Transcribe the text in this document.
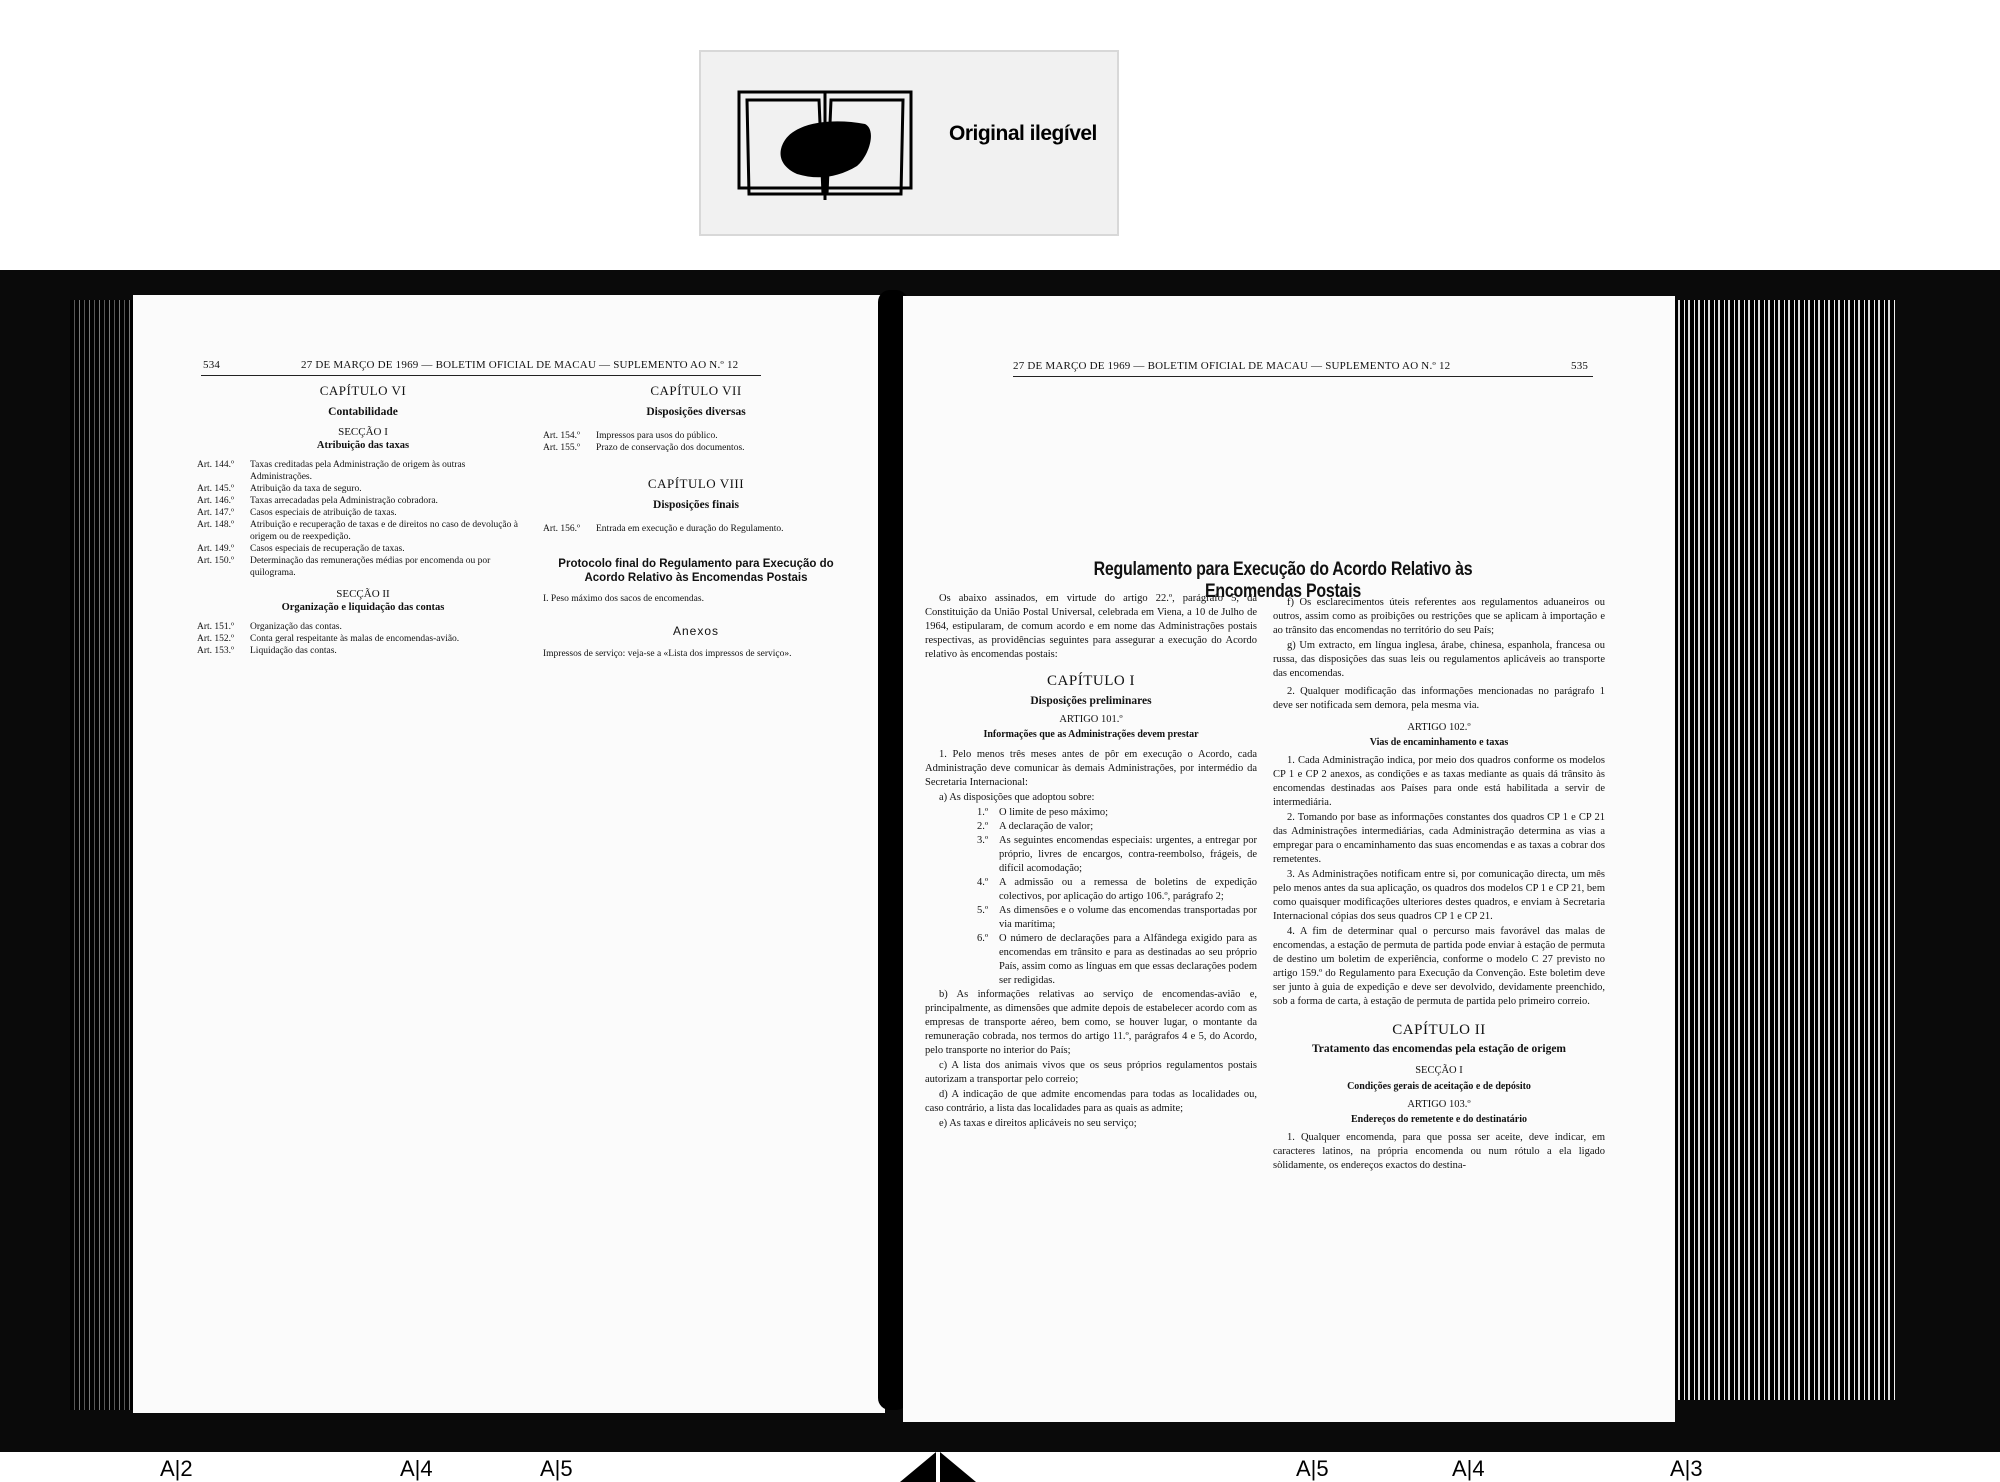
Original ilegível
534	27 DE MARÇO DE 1969 — BOLETIM OFICIAL DE MACAU — SUPLEMENTO AO N.º 12
CAPÍTULO VI
Contabilidade
SECÇÃO I
Atribuição das taxas
Art. 144.º	Taxas creditadas pela Administração de origem às outras Administrações.
Art. 145.º	Atribuição da taxa de seguro.
Art. 146.º	Taxas arrecadadas pela Administração cobradora.
Art. 147.º	Casos especiais de atribuição de taxas.
Art. 148.º	Atribuição e recuperação de taxas e de direitos no caso de devolução à origem ou de reexpedição.
Art. 149.º	Casos especiais de recuperação de taxas.
Art. 150.º	Determinação das remunerações médias por encomenda ou por quilograma.
SECÇÃO II
Organização e liquidação das contas
Art. 151.º	Organização das contas.
Art. 152.º	Conta geral respeitante às malas de encomendas-avião.
Art. 153.º	Liquidação das contas.
CAPÍTULO VII
Disposições diversas
Art. 154.º	Impressos para usos do público.
Art. 155.º	Prazo de conservação dos documentos.
CAPÍTULO VIII
Disposições finais
Art. 156.º	Entrada em execução e duração do Regulamento.
Protocolo final do Regulamento para Execução do Acordo Relativo às Encomendas Postais
I. Peso máximo dos sacos de encomendas.
Anexos
Impressos de serviço: veja-se a «Lista dos impressos de serviço».
27 DE MARÇO DE 1969 — BOLETIM OFICIAL DE MACAU — SUPLEMENTO AO N.º 12	535
Regulamento para Execução do Acordo Relativo às Encomendas Postais

Os abaixo assinados, em virtude do artigo 22.º, parágrafo 5, da Constituição da União Postal Universal, celebrada em Viena, a 10 de Julho de 1964, estipularam, de comum acordo e em nome das Administrações postais respectivas, as providências seguintes para assegurar a execução do Acordo relativo às encomendas postais:

CAPÍTULO I
Disposições preliminares
ARTIGO 101.º
Informações que as Administrações devem prestar

1. Pelo menos três meses antes de pôr em execução o Acordo, cada Administração deve comunicar às demais Administrações, por intermédio da Secretaria Internacional:

a) As disposições que adoptou sobre:

1.º	O limite de peso máximo;
2.º	A declaração de valor;
3.º	As seguintes encomendas especiais: urgentes, a entregar por próprio, livres de encargos, contra-reembolso, frágeis, de difícil acomodação;
4.º	A admissão ou a remessa de boletins de expedição colectivos, por aplicação do artigo 106.º, parágrafo 2;
5.º	As dimensões e o volume das encomendas transportadas por via marítima;
6.º	O número de declarações para a Alfândega exigido para as encomendas em trânsito e para as destinadas ao seu próprio País, assim como as línguas em que essas declarações podem ser redigidas.

b) As informações relativas ao serviço de encomendas-avião e, principalmente, as dimensões que admite depois de estabelecer acordo com as empresas de transporte aéreo, bem como, se houver lugar, o montante da remuneração cobrada, nos termos do artigo 11.º, parágrafos 4 e 5, do Acordo, pelo transporte no interior do País;

c) A lista dos animais vivos que os seus próprios regulamentos postais autorizam a transportar pelo correio;

d) A indicação de que admite encomendas para todas as localidades ou, caso contrário, a lista das localidades para as quais as admite;

e) As taxas e direitos aplicáveis no seu serviço;

f) Os esclarecimentos úteis referentes aos regulamentos aduaneiros ou outros, assim como as proibições ou restrições que se aplicam à importação e ao trânsito das encomendas no território do seu País;

g) Um extracto, em língua inglesa, árabe, chinesa, espanhola, francesa ou russa, das disposições das suas leis ou regulamentos aplicáveis ao transporte das encomendas.

2. Qualquer modificação das informações mencionadas no parágrafo 1 deve ser notificada sem demora, pela mesma via.

ARTIGO 102.º
Vias de encaminhamento e taxas

1. Cada Administração indica, por meio dos quadros conforme os modelos CP 1 e CP 2 anexos, as condições e as taxas mediante as quais dá trânsito às encomendas destinadas aos Países para onde está habilitada a servir de intermediária.

2. Tomando por base as informações constantes dos quadros CP 1 e CP 21 das Administrações intermediárias, cada Administração determina as vias a empregar para o encaminhamento das suas encomendas e as taxas a cobrar dos remetentes.

3. As Administrações notificam entre si, por comunicação directa, um mês pelo menos antes da sua aplicação, os quadros dos modelos CP 1 e CP 21, bem como quaisquer modificações ulteriores destes quadros, e enviam à Secretaria Internacional cópias dos seus quadros CP 1 e CP 21.

4. A fim de determinar qual o percurso mais favorável das malas de encomendas, a estação de permuta de partida pode enviar à estação de permuta de destino um boletim de experiência, conforme o modelo C 27 previsto no artigo 159.º do Regulamento para Execução da Convenção. Este boletim deve ser junto à guia de expedição e deve ser devolvido, devidamente preenchido, sob a forma de carta, à estação de permuta de partida pelo primeiro correio.

CAPÍTULO II
Tratamento das encomendas pela estação de origem
SECÇÃO I
Condições gerais de aceitação e de depósito
ARTIGO 103.º
Endereços do remetente e do destinatário

1. Qualquer encomenda, para que possa ser aceite, deve indicar, em caracteres latinos, na própria encomenda ou num rótulo a ela ligado sòlidamente, os endereços exactos do destina-

A|2	A|4	A|5	A|5	A|4	A|3
